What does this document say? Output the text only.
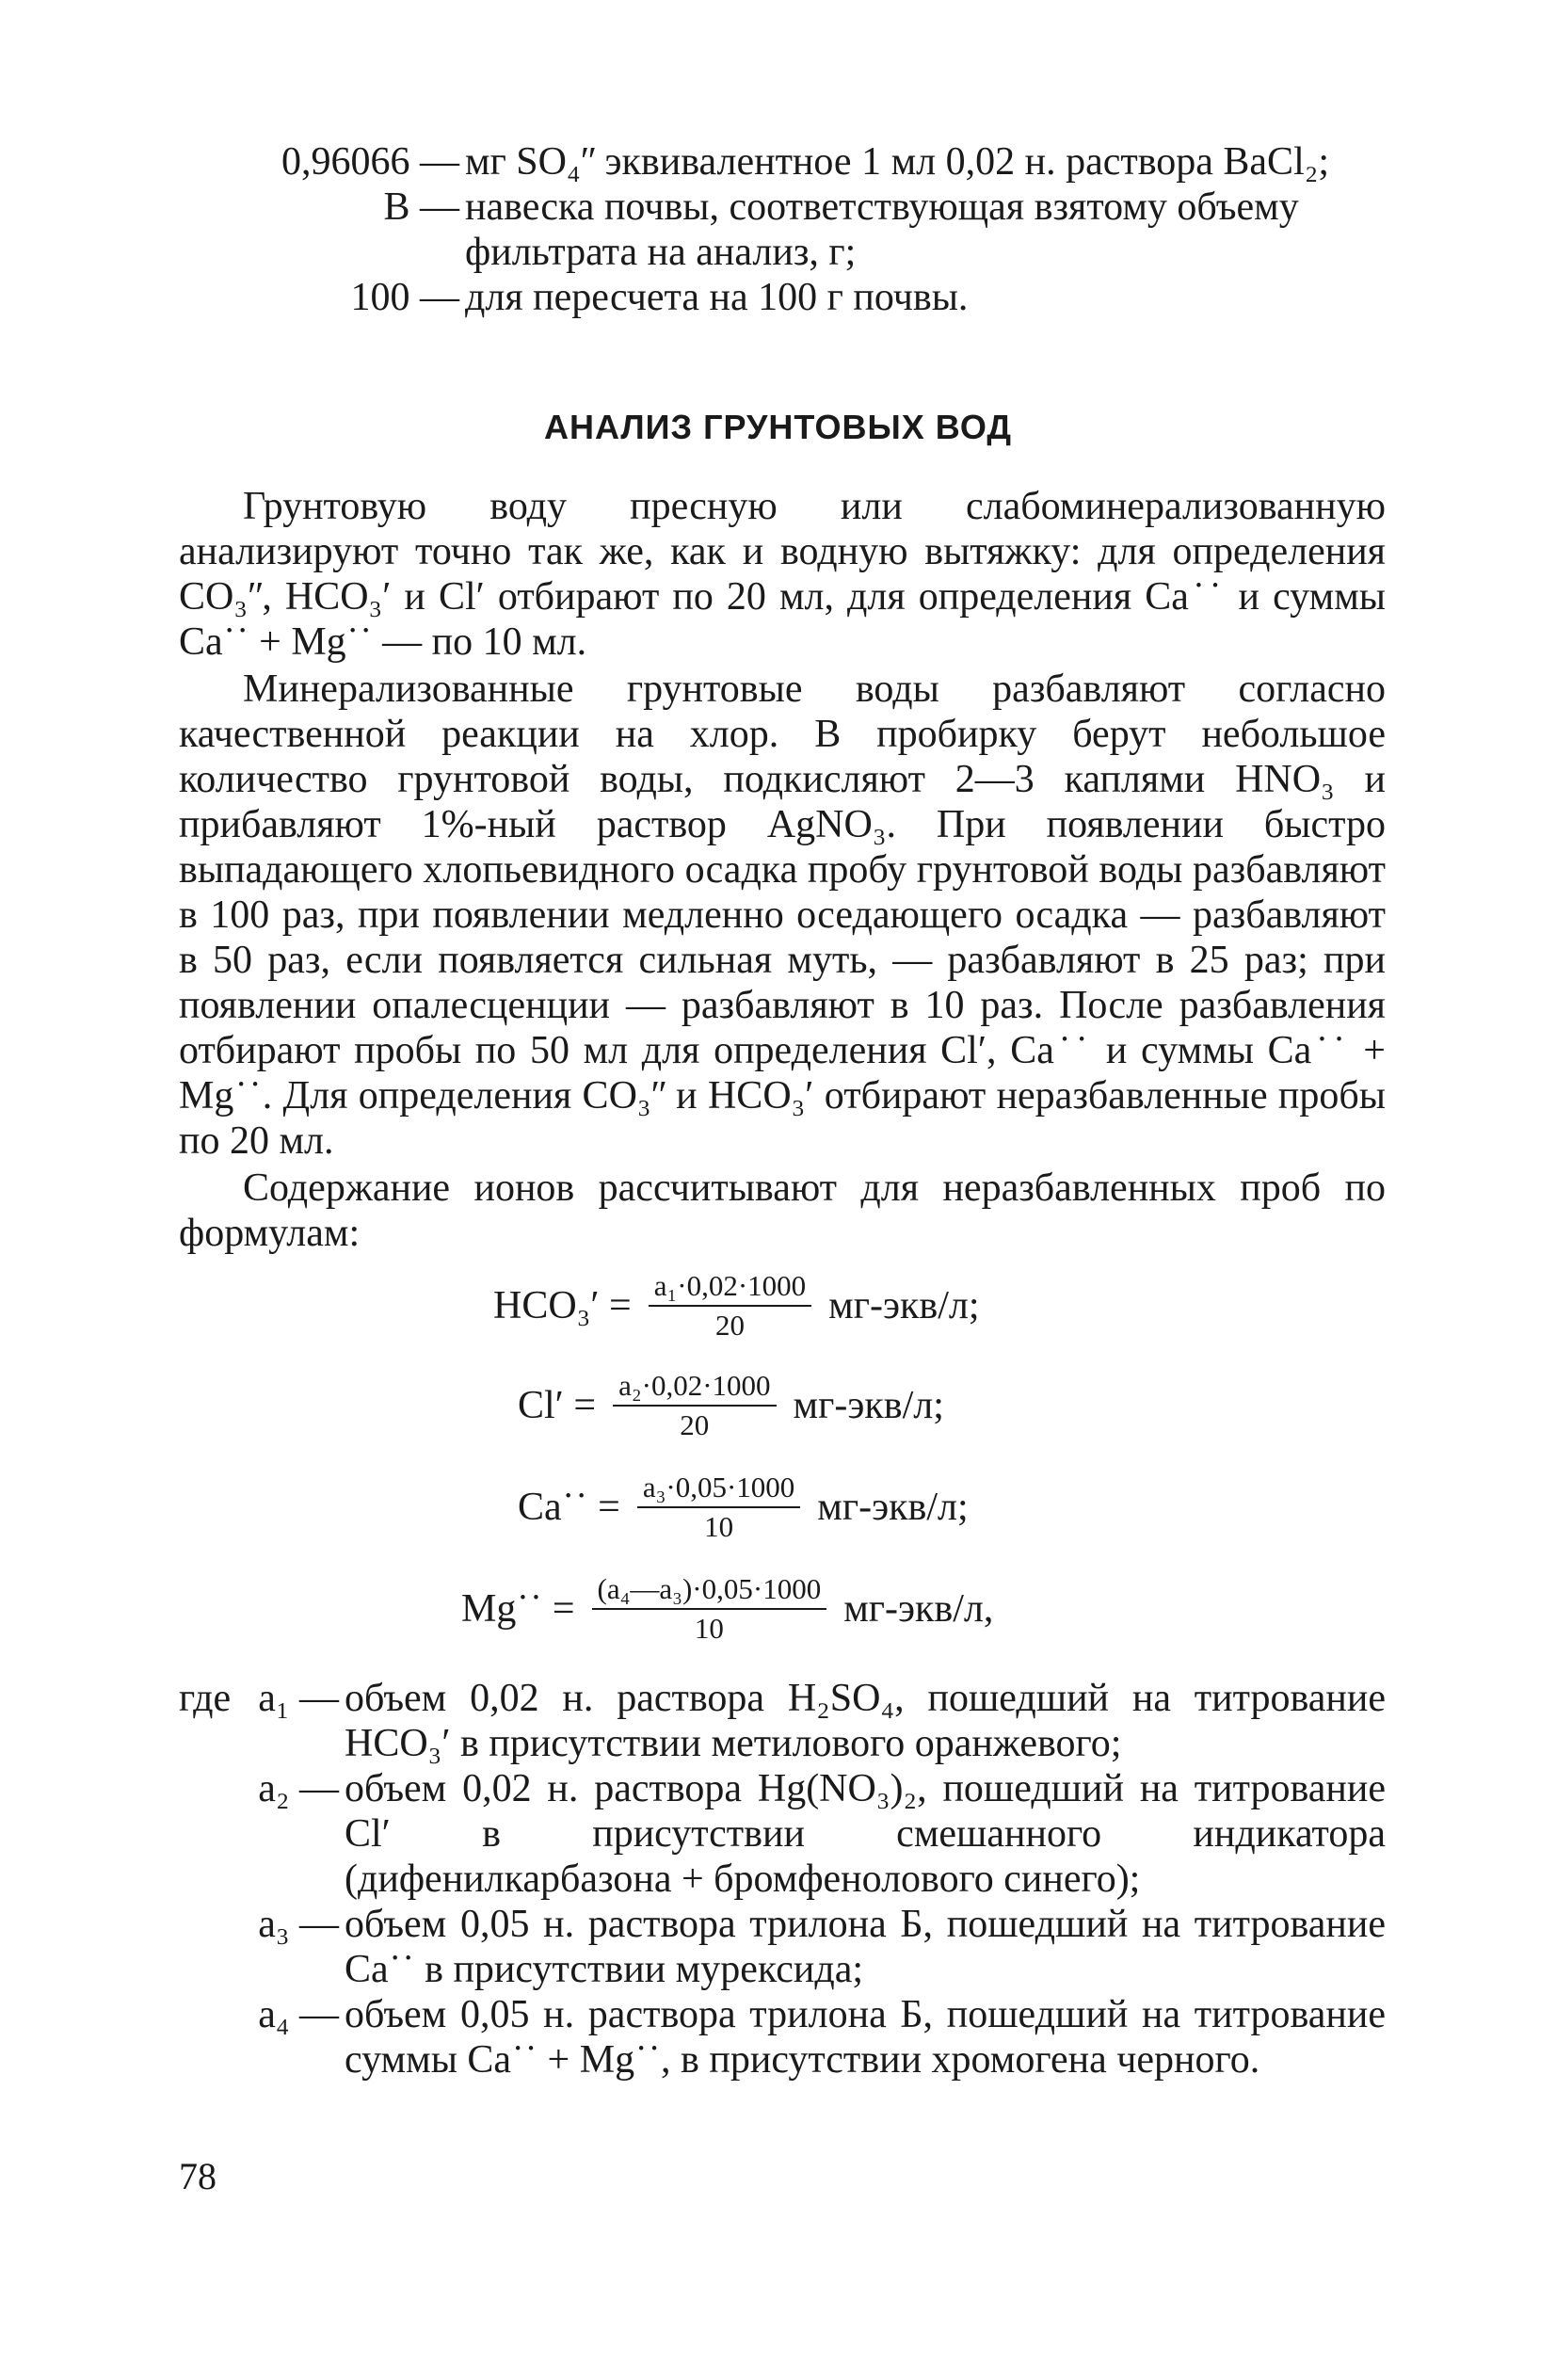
0,96066 — мг SO₄ʺ эквивалентное 1 мл 0,02 н. раствора BaCl₂;
B — навеска почвы, соответствующая взятому объему фильтрата на анализ, г;
100 — для пересчета на 100 г почвы.
АНАЛИЗ ГРУНТОВЫХ ВОД

Грунтовую воду пресную или слабоминерализованную анализируют точно так же, как и водную вытяжку: для определения CO₃ʺ, HCO₃′ и Cl′ отбирают по 20 мл, для определения Ca˙˙ и суммы Ca˙˙ + Mg˙˙ — по 10 мл.

Минерализованные грунтовые воды разбавляют согласно качественной реакции на хлор. В пробирку берут небольшое количество грунтовой воды, подкисляют 2—3 каплями HNO₃ и прибавляют 1%-ный раствор AgNO₃. При появлении быстро выпадающего хлопьевидного осадка пробу грунтовой воды разбавляют в 100 раз, при появлении медленно оседающего осадка — разбавляют в 50 раз, если появляется сильная муть, — разбавляют в 25 раз; при появлении опалесценции — разбавляют в 10 раз. После разбавления отбирают пробы по 50 мл для определения Cl′, Ca˙˙ и суммы Ca˙˙ + Mg˙˙. Для определения CO₃ʺ и HCO₃′ отбирают неразбавленные пробы по 20 мл.

Содержание ионов рассчитывают для неразбавленных проб по формулам:

$HCO_3' = \frac{\text{a₁·0,02·1000}}{20} мг-экв/л$;
$Cl' = \frac{\text{a₂·0,02·1000}}{20} мг-экв/л$;
Ca˙˙ = $\frac{\text{a₃·0,05·1000}}{10} мг-экв/л$;
Mg˙˙ = $\frac{\text{(a₄—a₃)·0,05·1000}}{10} мг-экв/л$,
где a₁ — объем 0,02 н. раствора H₂SO₄, пошедший на титрование HCO₃′ в присутствии метилового оранжевого;
a₂ — объем 0,02 н. раствора Hg(NO₃)₂, пошедший на титрование Cl′ в присутствии смешанного индикатора (дифенилкарбазона + бромфенолового синего);
a₃ — объем 0,05 н. раствора трилона Б, пошедший на титрование Ca˙˙ в присутствии мурексида;
a₄ — объем 0,05 н. раствора трилона Б, пошедший на титрование суммы Ca˙˙ + Mg˙˙, в присутствии хромогена черного.
78
